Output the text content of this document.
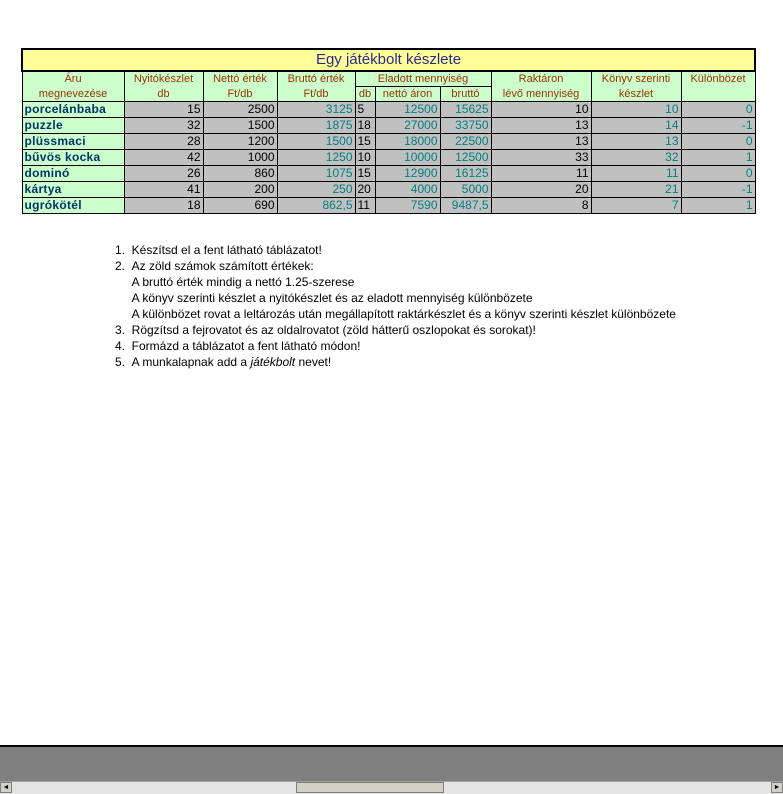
Egy játékbolt készlete									
Áru	Nyitókészlet	Nettó érték	Bruttó érték	Eladott mennyiség			Raktáron	Könyv szerinti	Különbözet
megnevezése	db	Ft/db	Ft/db	db	nettó áron	bruttó	lévő mennyiség	készlet	
porcelánbaba	15	2500	3125	5	12500	15625	10	10	0
puzzle	32	1500	1875	18	27000	33750	13	14	-1
plüssmaci	28	1200	1500	15	18000	22500	13	13	0
bűvös kocka	42	1000	1250	10	10000	12500	33	32	1
dominó	26	860	1075	15	12900	16125	11	11	0
kártya	41	200	250	20	4000	5000	20	21	-1
ugrókötél	18	690	862,5	11	7590	9487,5	8	7	1
1. Készítsd el a fent látható táblázatot!
2. Az zöld számok számított értékek:
A bruttó érték mindig a nettó 1.25-szerese
A könyv szerinti készlet a nyitókészlet és az eladott mennyiség különbözete
A különbözet rovat a leltározás után megállapított raktárkészlet és a könyv szerinti készlet különbözete
3. Rögzítsd a fejrovatot és az oldalrovatot (zöld hátterű oszlopokat és sorokat)!
4. Formázd a táblázatot a fent látható módon!
5. A munkalapnak add a játékbolt nevet!
◄	►
